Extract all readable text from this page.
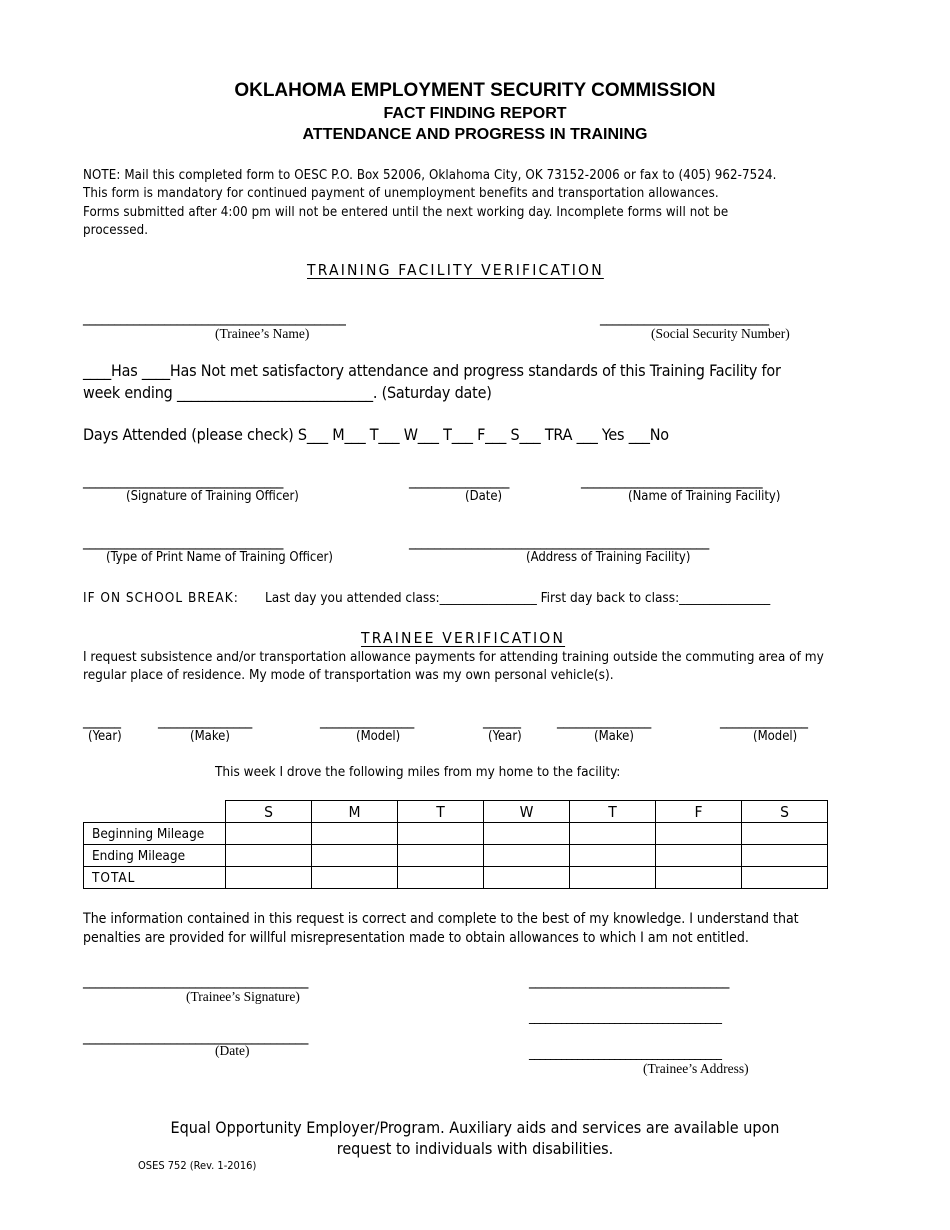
OKLAHOMA EMPLOYMENT SECURITY COMMISSION
FACT FINDING REPORT
ATTENDANCE AND PROGRESS IN TRAINING
NOTE: Mail this completed form to OESC P.O. Box 52006, Oklahoma City, OK 73152-2006 or fax to (405) 962-7524.
This form is mandatory for continued payment of unemployment benefits and transportation allowances.
Forms submitted after 4:00 pm will not be entered until the next working day. Incomplete forms will not be
processed.
TRAINING FACILITY VERIFICATION
__________________________________________
(Trainee’s Name)
___________________________
(Social Security Number)
____Has ____Has Not met satisfactory attendance and progress standards of this Training Facility for
week ending ____________________________. (Saturday date)
Days Attended (please check) S___ M___ T___ W___ T___ F___ S___ TRA ___ Yes ___No
________________________________
(Signature of Training Officer)
________________
(Date)
_____________________________
(Name of Training Facility)
________________________________
(Type of Print Name of Training Officer)
________________________________________________
(Address of Training Facility)
IF ON SCHOOL BREAK: Last day you attended class:________________ First day back to class:_______________
TRAINEE VERIFICATION
I request subsistence and/or transportation allowance payments for attending training outside the commuting area of my
regular place of residence. My mode of transportation was my own personal vehicle(s).
______	_______________	_______________	______ _______________	______________
(Year)	(Make)	(Model)	(Year)	(Make)	(Model)
This week I drove the following miles from my home to the facility:
	S	M	T	W	T	F	S
Beginning Mileage							
Ending Mileage							
TOTAL							
The information contained in this request is correct and complete to the best of my knowledge. I understand that
penalties are provided for willful misrepresentation made to obtain allowances to which I am not entitled.
____________________________________
(Trainee’s Signature)
____________________________________
(Date)
________________________________
____________________________________
____________________________________
(Trainee’s Address)
Equal Opportunity Employer/Program. Auxiliary aids and services are available upon
request to individuals with disabilities.
OSES 752 (Rev. 1-2016)
